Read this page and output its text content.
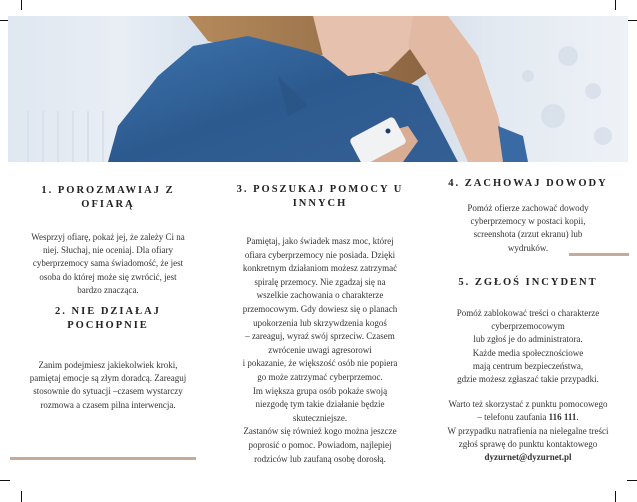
1. POROZMAWIAJ Z
OFIARĄ

Wesprzyj ofiarę, pokaż jej, że zależy Ci na
niej. Słuchaj, nie oceniaj. Dla ofiary
cyberprzemocy sama świadomość, że jest
osoba do której może się zwrócić, jest
bardzo znacząca.

2. NIE DZIAŁAJ
POCHOPNIE

Zanim podejmiesz jakiekolwiek kroki,
pamiętaj emocje są złym doradcą. Zareaguj
stosownie do sytuacji –czasem wystarczy
rozmowa a czasem pilna interwencja.

3. POSZUKAJ POMOCY U
INNYCH

Pamiętaj, jako świadek masz moc, której
ofiara cyberprzemocy nie posiada. Dzięki
konkretnym działaniom możesz zatrzymać
spiralę przemocy. Nie zgadzaj się na
wszelkie zachowania o charakterze
przemocowym. Gdy dowiesz się o planach
upokorzenia lub skrzywdzenia kogoś
– zareaguj, wyraź swój sprzeciw. Czasem
zwrócenie uwagi agresorowi
i pokazanie, że większość osób nie popiera
go może zatrzymać cyberprzemoc.
Im większa grupa osób pokaże swoją
niezgodę tym takie działanie będzie
skuteczniejsze.
Zastanów się również kogo można jeszcze
poprosić o pomoc. Powiadom, najlepiej
rodziców lub zaufaną osobę dorosłą.

4. ZACHOWAJ DOWODY

Pomóż ofierze zachować dowody
cyberprzemocy w postaci kopii,
screenshota (zrzut ekranu) lub
wydruków.

5. ZGŁOŚ INCYDENT

Pomóż zablokować treści o charakterze
cyberprzemocowym
lub zgłoś je do administratora.
Każde media społecznościowe
mają centrum bezpieczeństwa,
gdzie możesz zgłaszać takie przypadki.

Warto też skorzystać z punktu pomocowego
– telefonu zaufania 116 111.
W przypadku natrafienia na nielegalne treści
zgłoś sprawę do punktu kontaktowego
dyzurnet@dyzurnet.pl
